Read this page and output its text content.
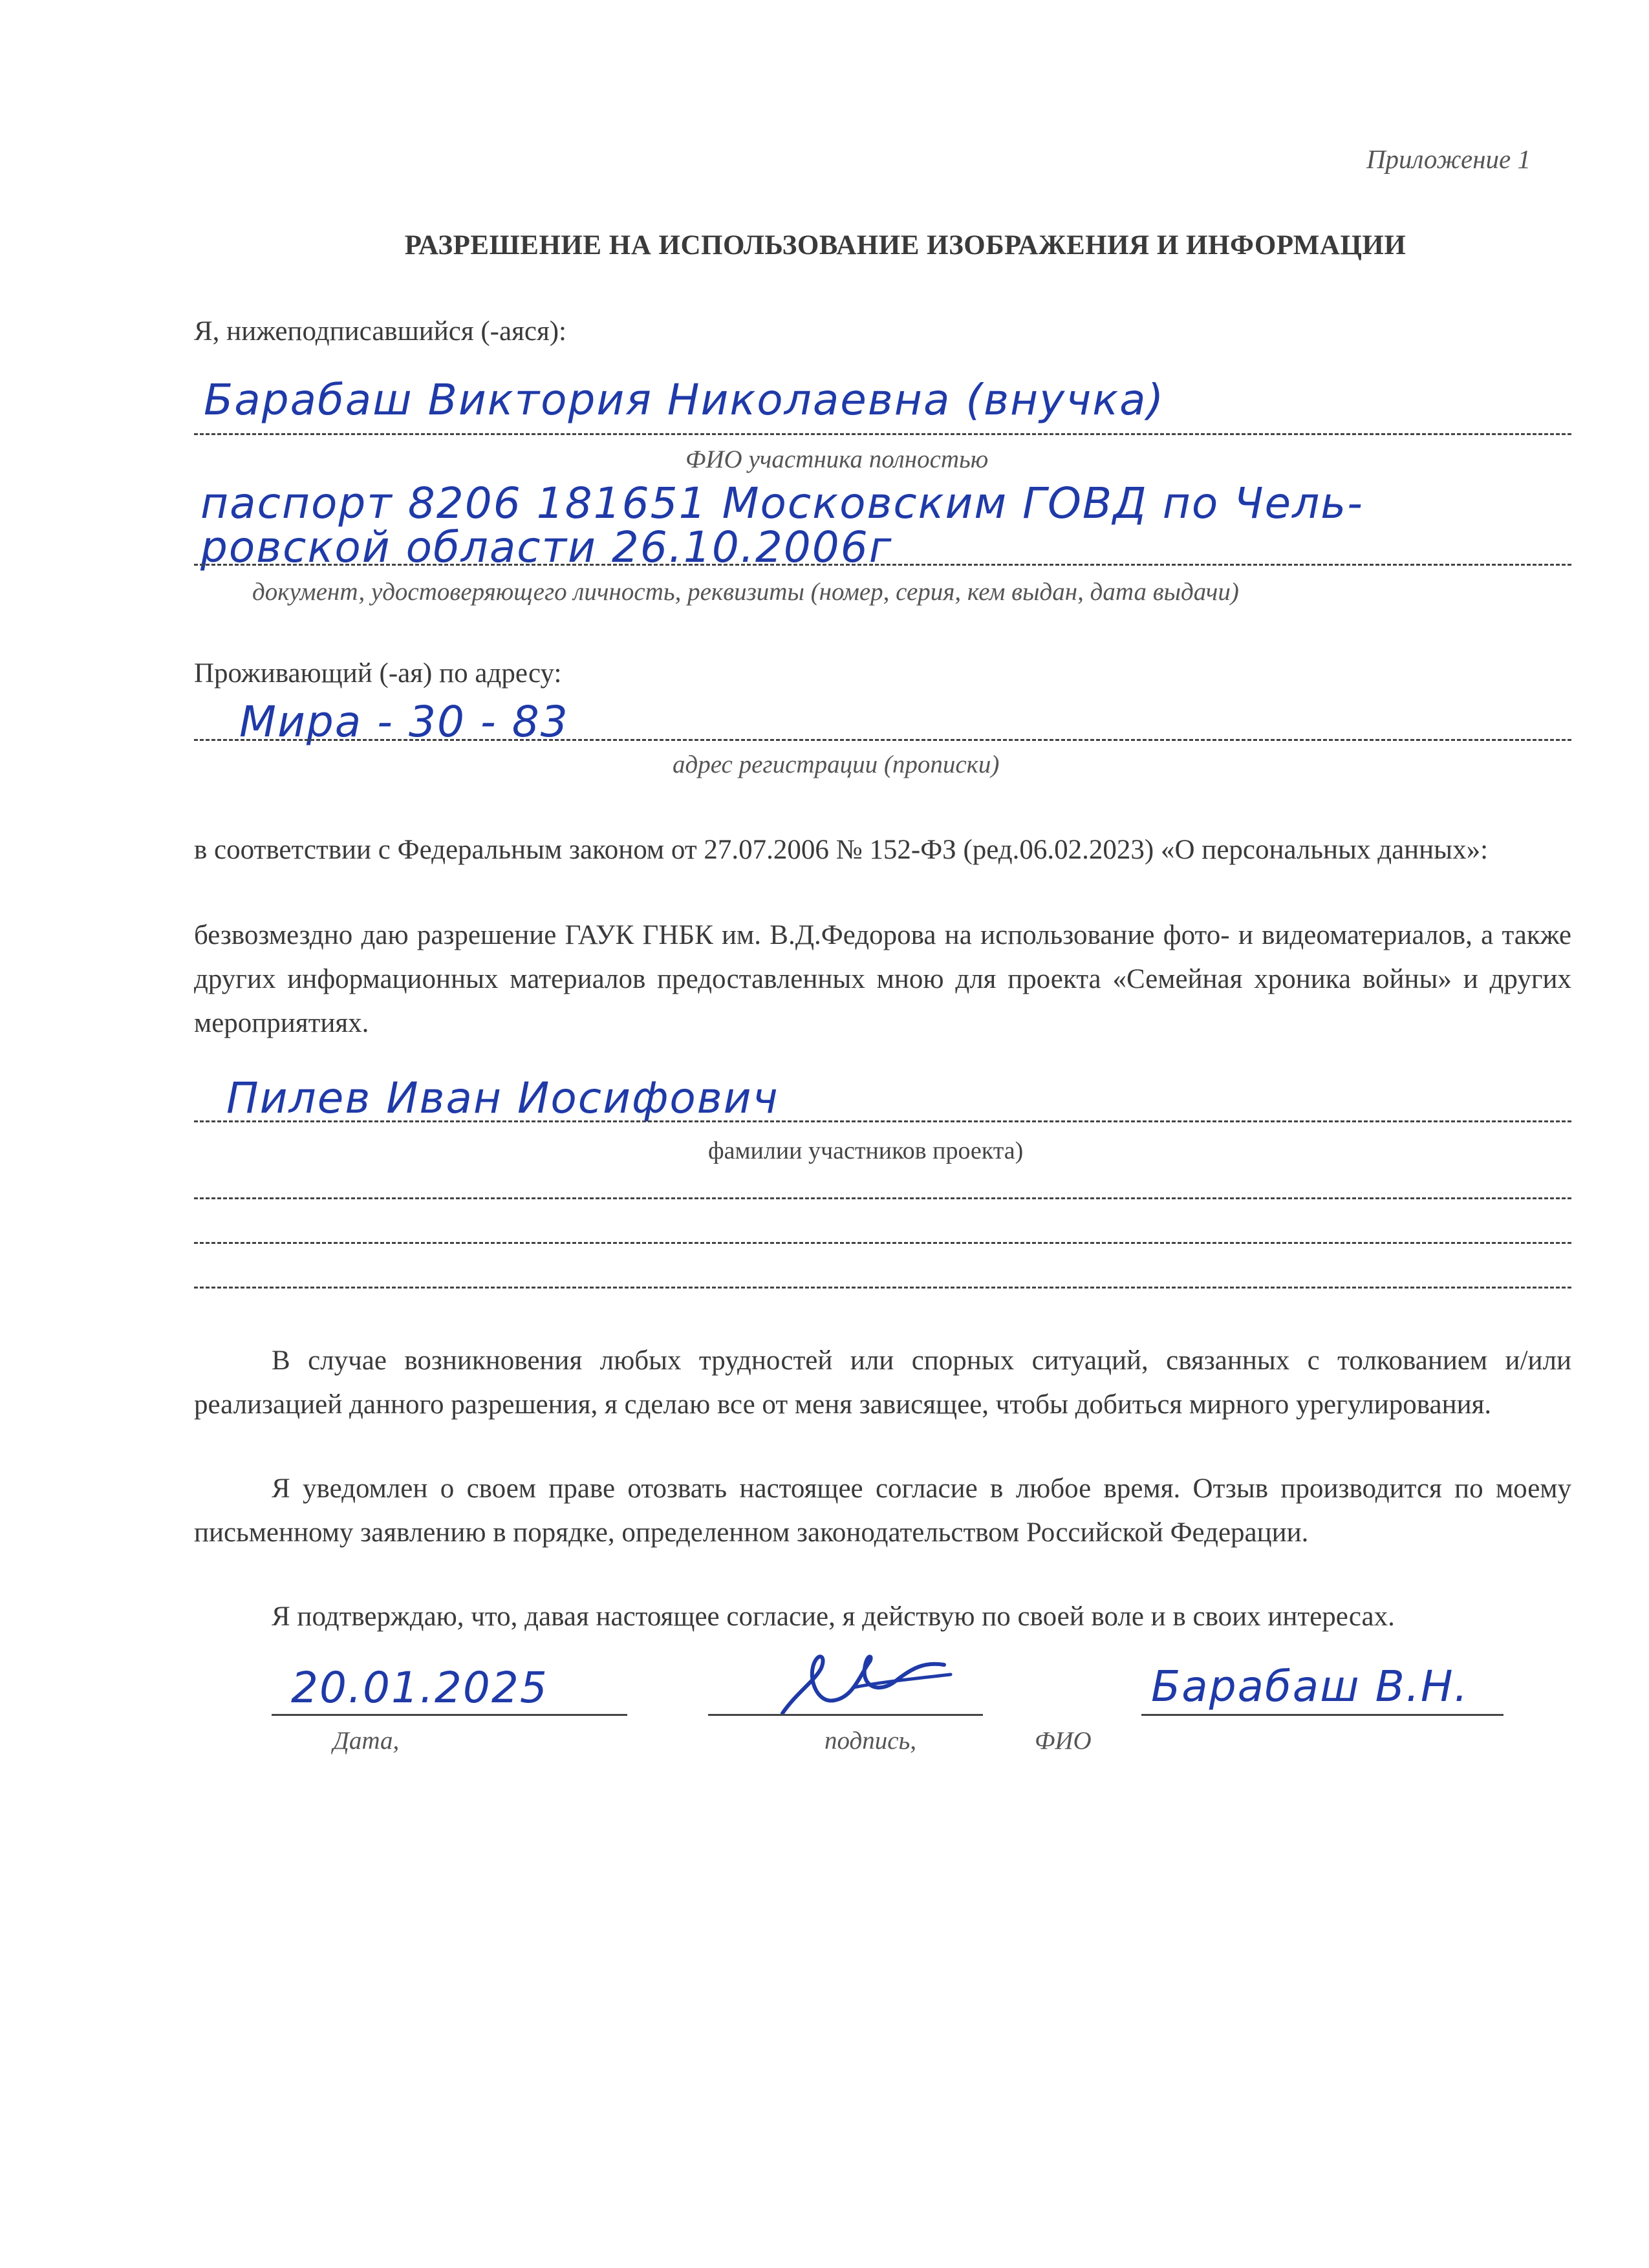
Приложение 1
РАЗРЕШЕНИЕ НА ИСПОЛЬЗОВАНИЕ ИЗОБРАЖЕНИЯ И ИНФОРМАЦИИ
Я, нижеподписавшийся (-аяся):
Барабаш Виктория Николаевна (внучка)
ФИО участника полностью
паспорт 8206 181651 Московским ГОВД по Чель-
ровской области 26.10.2006г
документ, удостоверяющего личность, реквизиты (номер, серия, кем выдан, дата выдачи)
Проживающий (-ая) по адресу:
Мира - 30 - 83
адрес регистрации (прописки)
в соответствии с Федеральным законом от 27.07.2006 № 152-ФЗ (ред.06.02.2023) «О персональных данных»:
безвозмездно даю разрешение ГАУК ГНБК им. В.Д.Федорова на использование фото- и видеоматериалов, а также других информационных материалов предоставленных мною для проекта «Семейная хроника войны» и других мероприятиях.
Пилев Иван Иосифович
фамилии участников проекта)
В случае возникновения любых трудностей или спорных ситуаций, связанных с толкованием и/или реализацией данного разрешения, я сделаю все от меня зависящее, чтобы добиться мирного урегулирования.
Я уведомлен о своем праве отозвать настоящее согласие в любое время. Отзыв производится по моему письменному заявлению в порядке, определенном законодательством Российской Федерации.
Я подтверждаю, что, давая настоящее согласие, я действую по своей воле и в своих интересах.
20.01.2025
Дата,	подпись,
Барабаш В.Н.
ФИО
